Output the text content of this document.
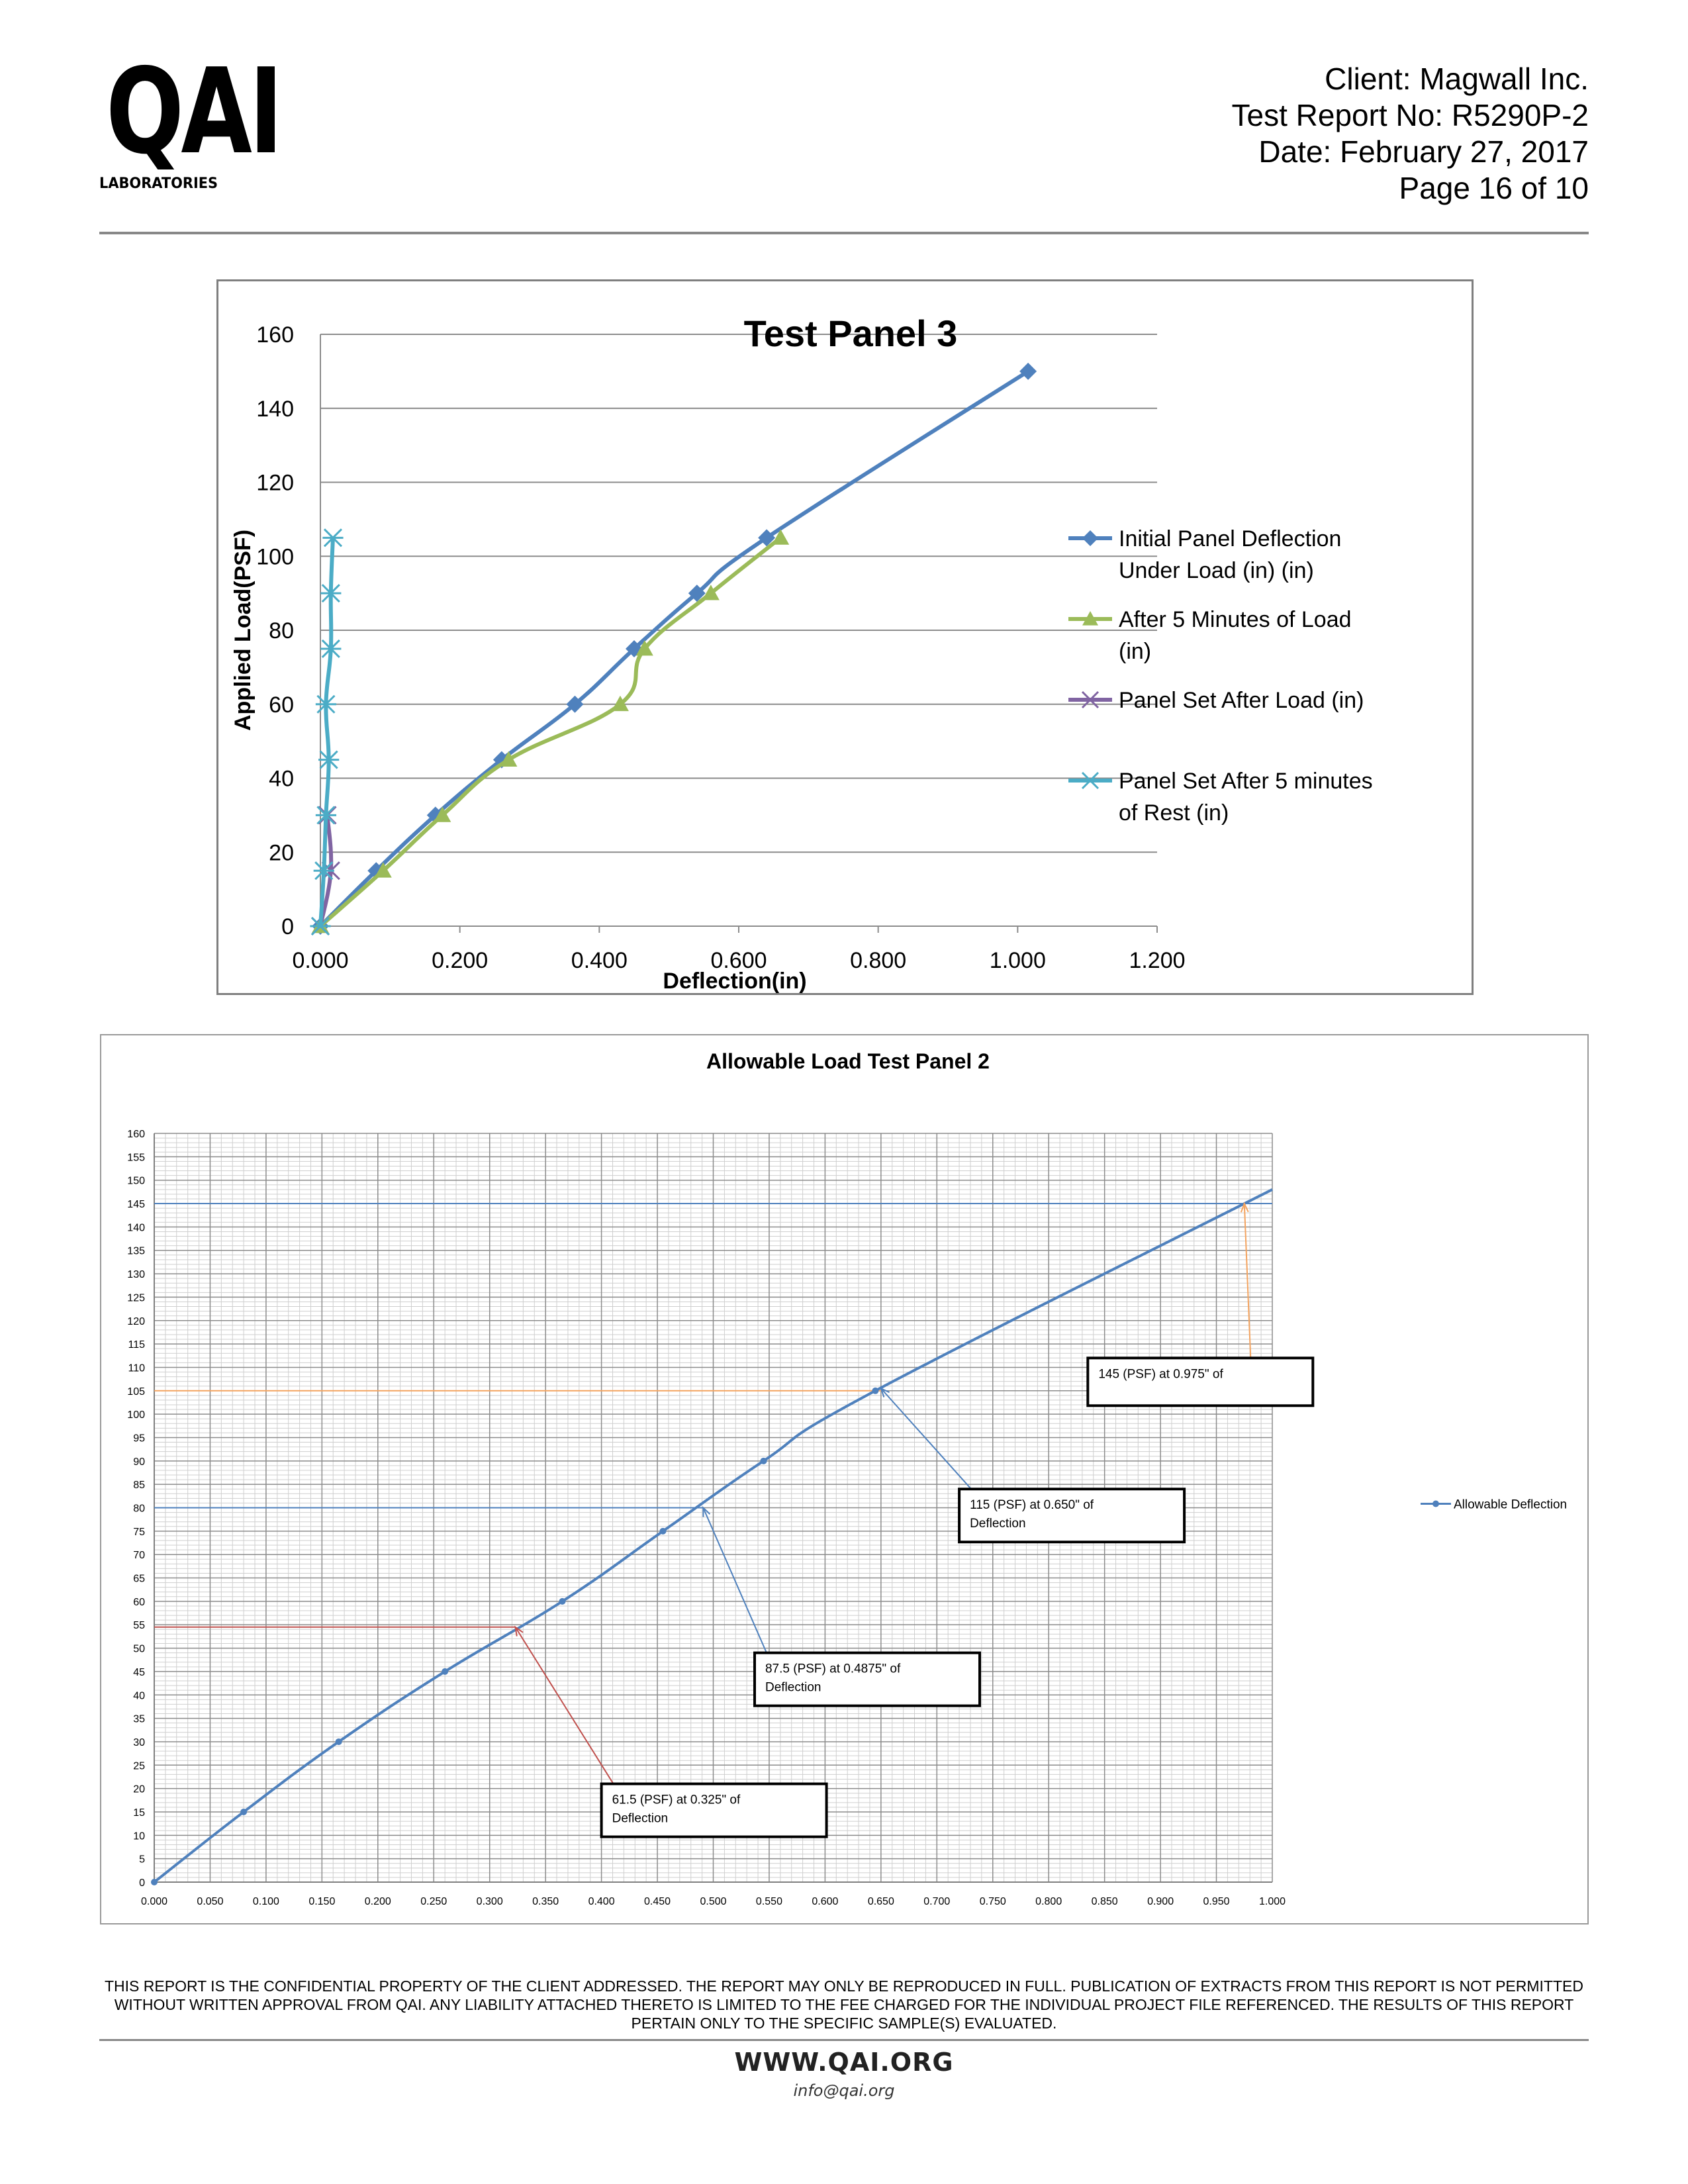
QAI
LABORATORIES
Client: Magwall Inc.
Test Report No: R5290P-2
Date: February 27, 2017
Page 16 of 10
0
20
40
60
80
100
120
140
160
0.000	0.200	0.400	0.600	0.800	1.000	1.200
Test Panel 3
Deflection(in)
Applied Load(PSF)	Initial Panel Deflection
Under Load (in) (in)
After 5 Minutes of Load
(in)
Panel Set After Load (in)
Panel Set After 5 minutes
of Rest (in)
0
5
10
15
20
25
30
35
40
45
50
55
60
65
70
75
80
85
90
95
100
105
110
115
120
125
130
135
140
145
150
155
160
0.000	0.050	0.100	0.150	0.200	0.250	0.300	0.350	0.400	0.450	0.500	0.550	0.600	0.650	0.700	0.750	0.800	0.850	0.900	0.950	1.000
Allowable Load Test Panel 2
145 (PSF) at 0.975" of
115 (PSF) at 0.650" of
Deflection
87.5 (PSF) at 0.4875" of
Deflection
61.5 (PSF) at 0.325" of
Deflection
Allowable Deflection
THIS REPORT IS THE CONFIDENTIAL PROPERTY OF THE CLIENT ADDRESSED. THE REPORT MAY ONLY BE REPRODUCED IN FULL. PUBLICATION OF EXTRACTS FROM THIS REPORT IS NOT PERMITTED WITHOUT WRITTEN APPROVAL FROM QAI. ANY LIABILITY ATTACHED THERETO IS LIMITED TO THE FEE CHARGED FOR THE INDIVIDUAL PROJECT FILE REFERENCED. THE RESULTS OF THIS REPORT PERTAIN ONLY TO THE SPECIFIC SAMPLE(S) EVALUATED.
WWW.QAI.ORG
info@qai.org
